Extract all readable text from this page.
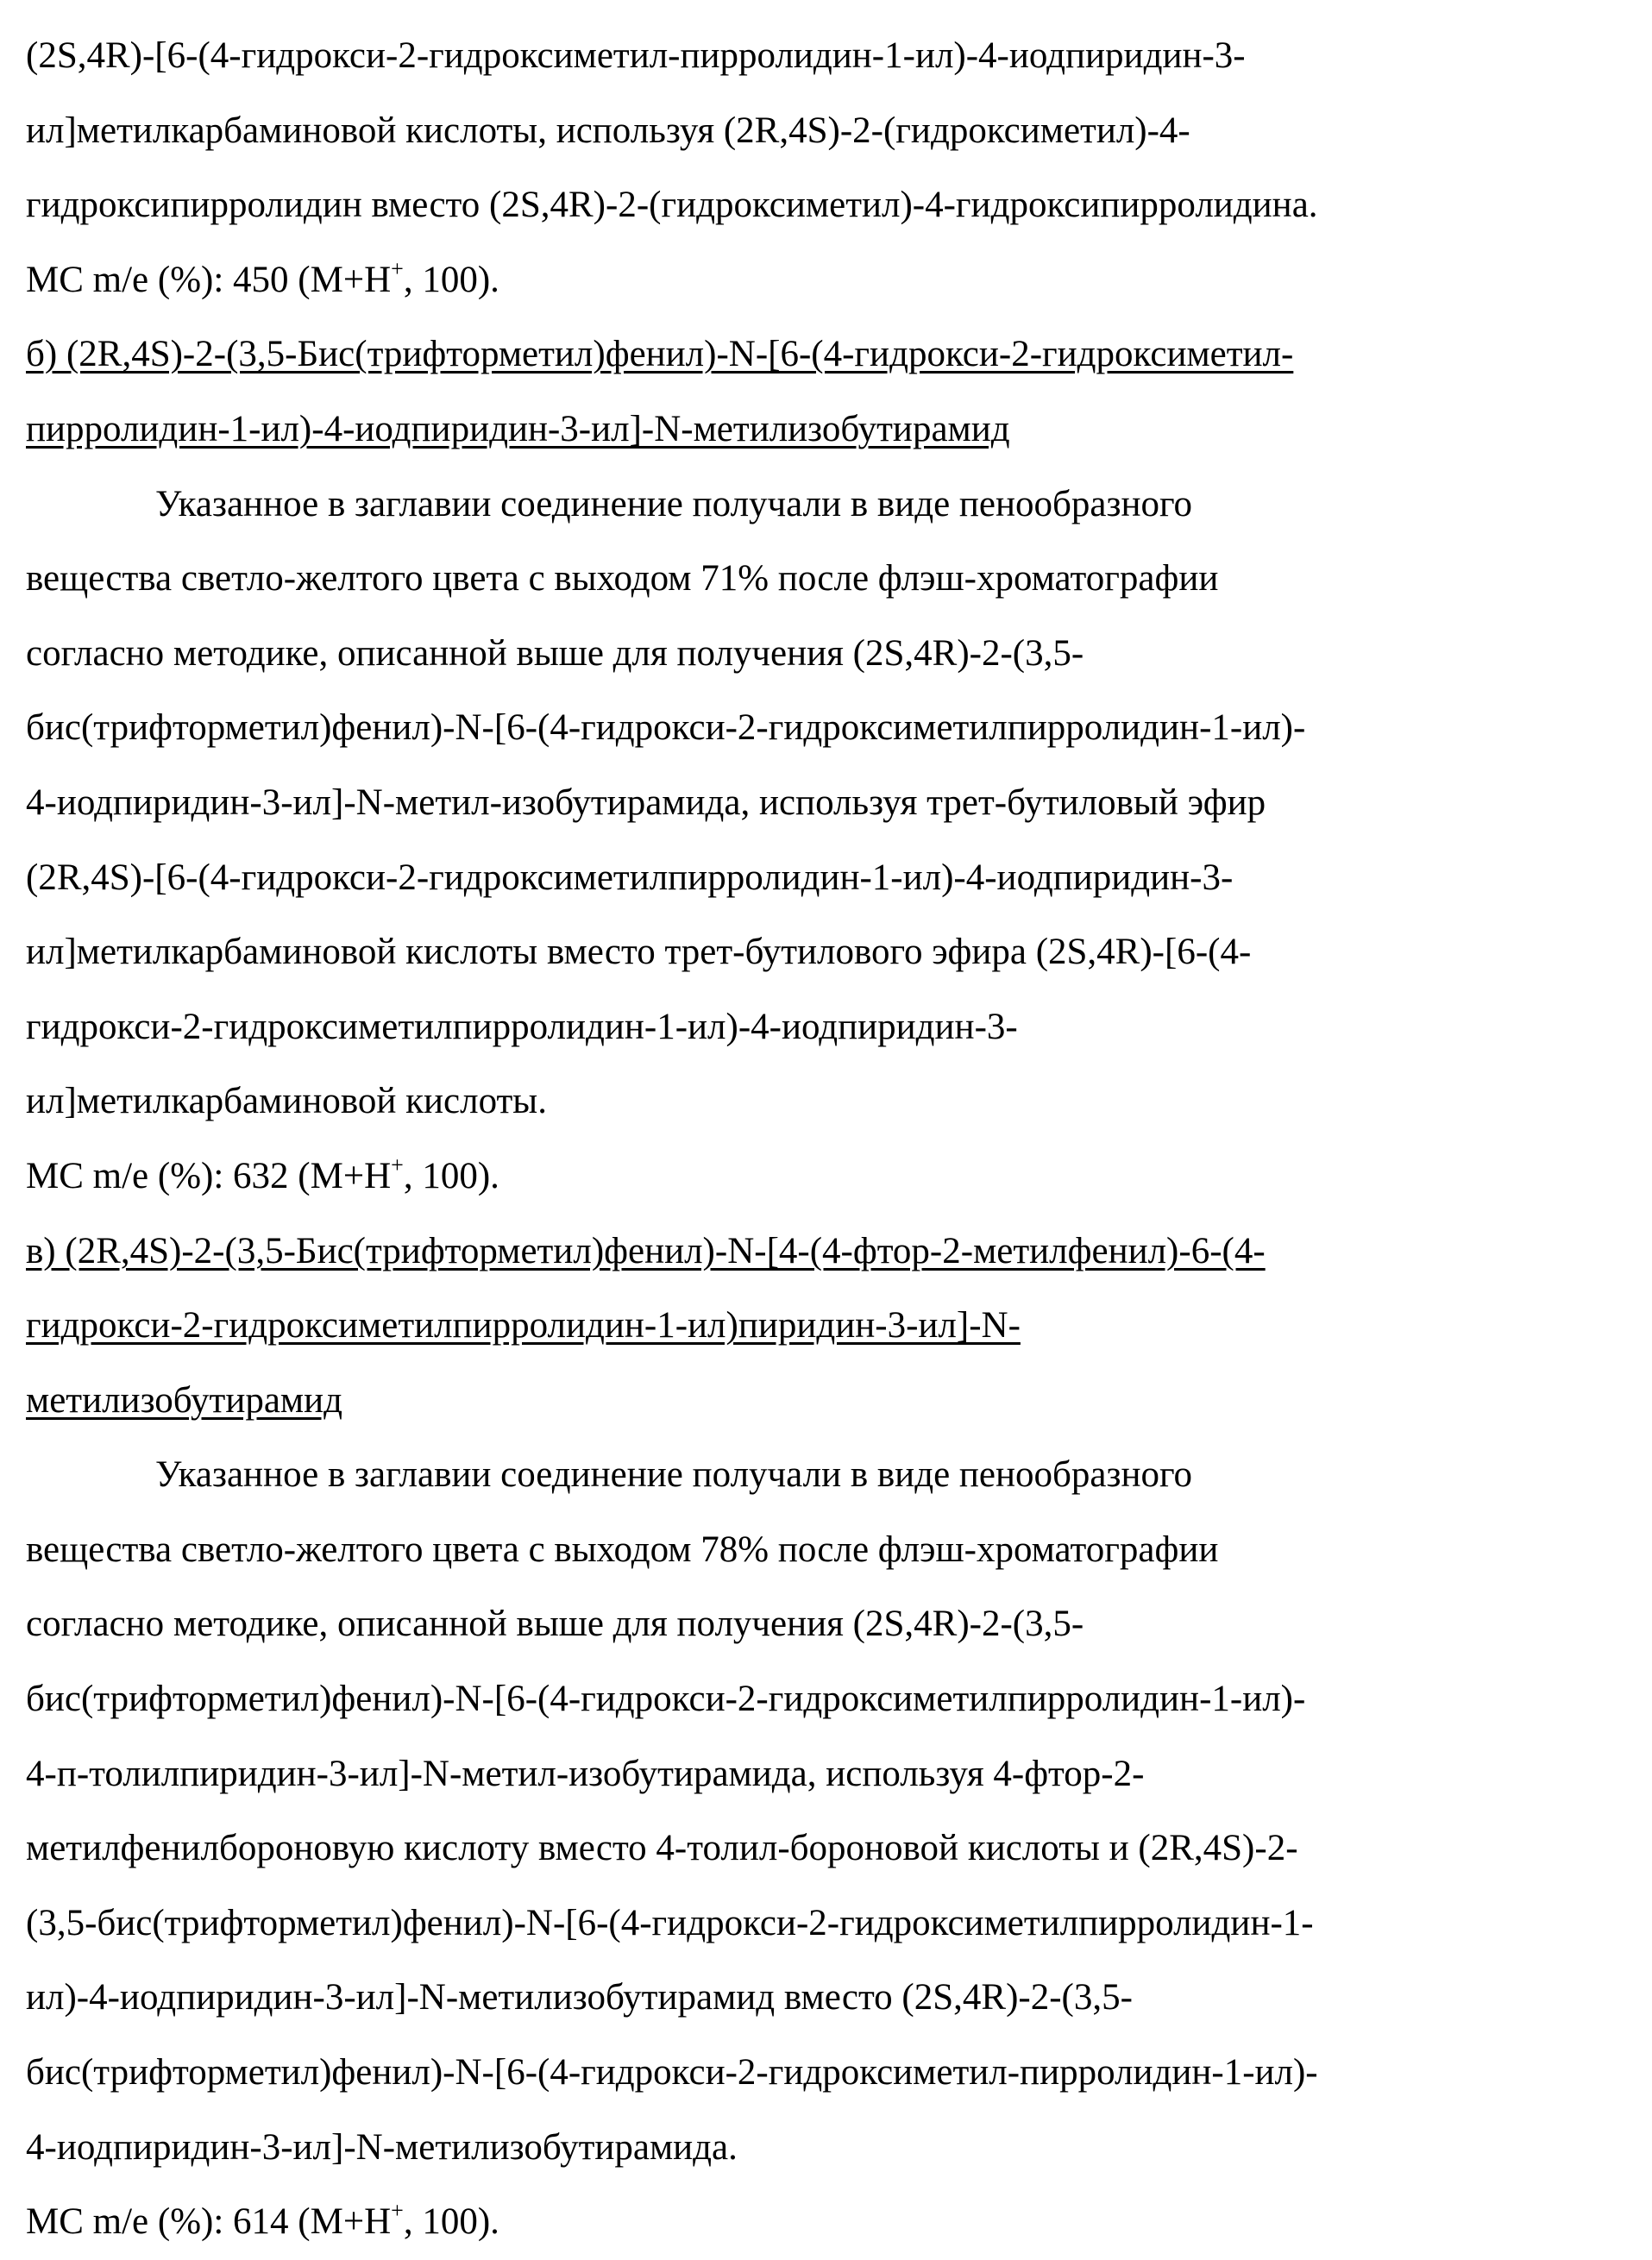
(2S,4R)-[6-(4-гидрокси-2-гидроксиметил-пирролидин-1-ил)-4-иодпиридин-3-
ил]метилкарбаминовой кислоты, используя (2R,4S)-2-(гидроксиметил)-4-
гидроксипирролидин вместо (2S,4R)-2-(гидроксиметил)-4-гидроксипирролидина.
МС m/e (%): 450 (M+H+, 100).
б) (2R,4S)-2-(3,5-Бис(трифторметил)фенил)-N-[6-(4-гидрокси-2-гидроксиметил-
пирролидин-1-ил)-4-иодпиридин-3-ил]-N-метилизобутирамид
Указанное в заглавии соединение получали в виде пенообразного
вещества светло-желтого цвета с выходом 71% после флэш-хроматографии
согласно методике, описанной выше для получения (2S,4R)-2-(3,5-
бис(трифторметил)фенил)-N-[6-(4-гидрокси-2-гидроксиметилпирролидин-1-ил)-
4-иодпиридин-3-ил]-N-метил-изобутирамида, используя трет-бутиловый эфир
(2R,4S)-[6-(4-гидрокси-2-гидроксиметилпирролидин-1-ил)-4-иодпиридин-3-
ил]метилкарбаминовой кислоты вместо трет-бутилового эфира (2S,4R)-[6-(4-
гидрокси-2-гидроксиметилпирролидин-1-ил)-4-иодпиридин-3-
ил]метилкарбаминовой кислоты.
МС m/e (%): 632 (M+H+, 100).
в) (2R,4S)-2-(3,5-Бис(трифторметил)фенил)-N-[4-(4-фтор-2-метилфенил)-6-(4-
гидрокси-2-гидроксиметилпирролидин-1-ил)пиридин-3-ил]-N-
метилизобутирамид
Указанное в заглавии соединение получали в виде пенообразного
вещества светло-желтого цвета с выходом 78% после флэш-хроматографии
согласно методике, описанной выше для получения (2S,4R)-2-(3,5-
бис(трифторметил)фенил)-N-[6-(4-гидрокси-2-гидроксиметилпирролидин-1-ил)-
4-п-толилпиридин-3-ил]-N-метил-изобутирамида, используя 4-фтор-2-
метилфенилбороновую кислоту вместо 4-толил-бороновой кислоты и (2R,4S)-2-
(3,5-бис(трифторметил)фенил)-N-[6-(4-гидрокси-2-гидроксиметилпирролидин-1-
ил)-4-иодпиридин-3-ил]-N-метилизобутирамид вместо (2S,4R)-2-(3,5-
бис(трифторметил)фенил)-N-[6-(4-гидрокси-2-гидроксиметил-пирролидин-1-ил)-
4-иодпиридин-3-ил]-N-метилизобутирамида.
МС m/e (%): 614 (M+H+, 100).
